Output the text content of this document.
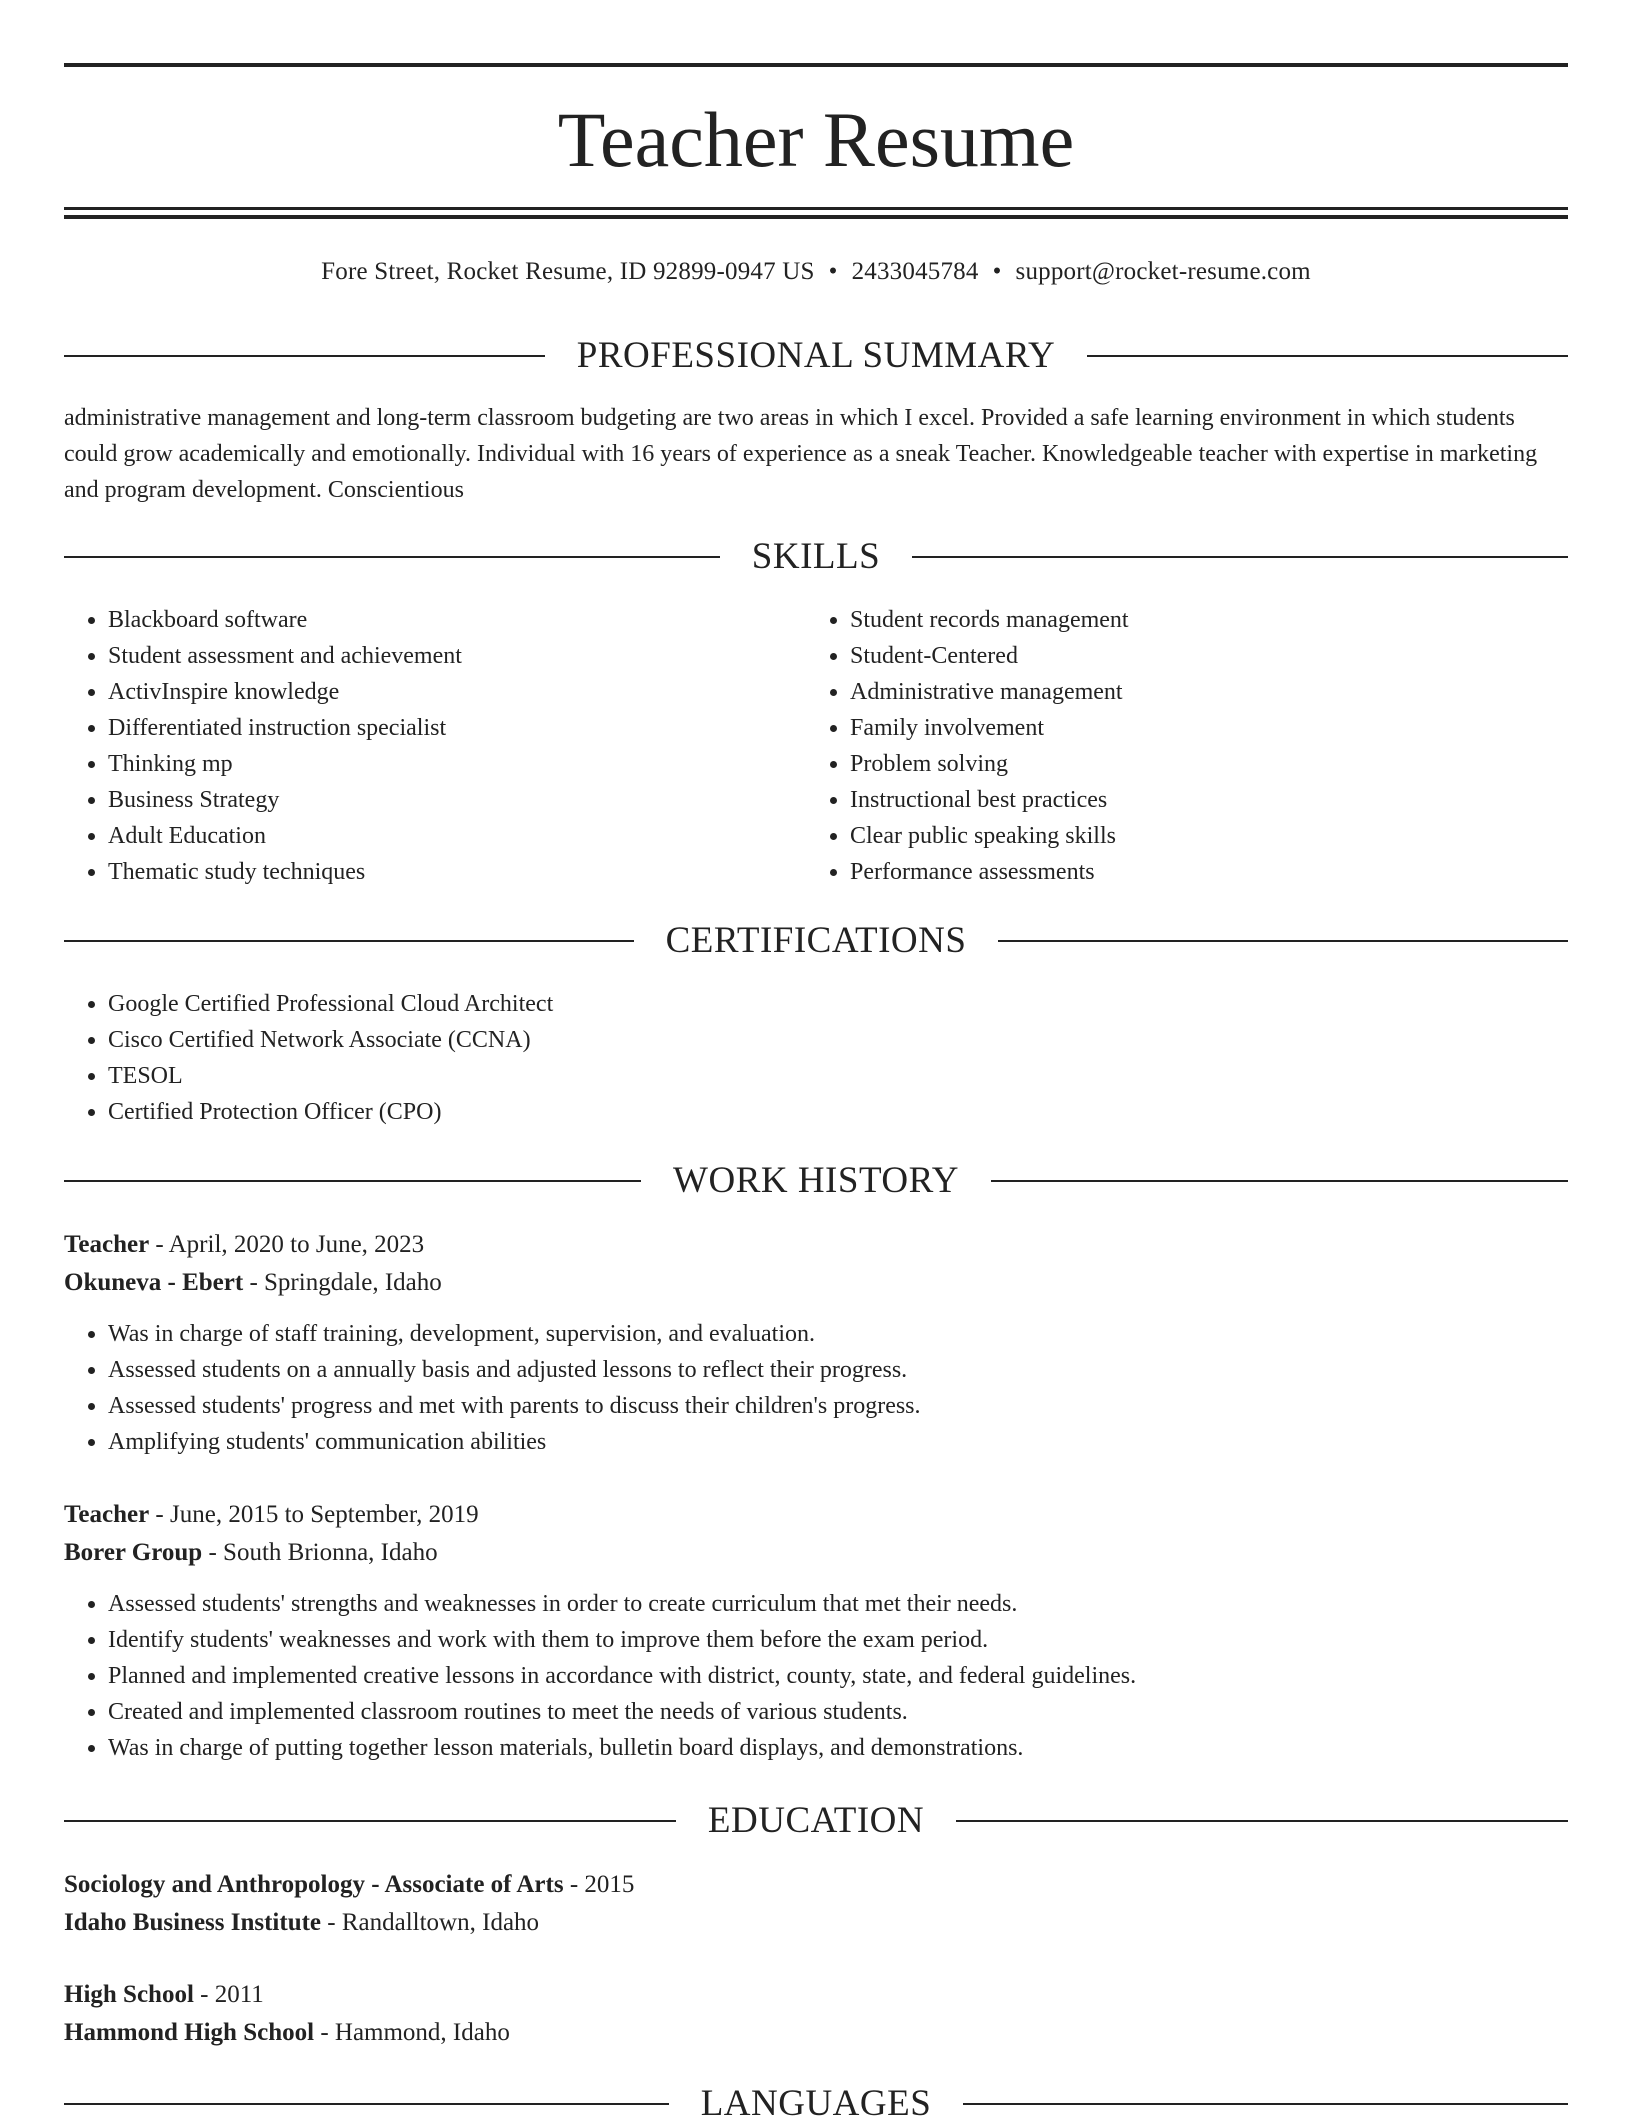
Teacher Resume
Fore Street, Rocket Resume, ID 92899-0947 US • 2433045784 • support@rocket-resume.com
PROFESSIONAL SUMMARY

administrative management and long-term classroom budgeting are two areas in which I excel. Provided a safe learning environment in which students could grow academically and emotionally. Individual with 16 years of experience as a sneak Teacher. Knowledgeable teacher with expertise in marketing and program development. Conscientious

SKILLS
• Blackboard software
• Student assessment and achievement
• ActivInspire knowledge
• Differentiated instruction specialist
• Thinking mp
• Business Strategy
• Adult Education
• Thematic study techniques
• Student records management
• Student-Centered
• Administrative management
• Family involvement
• Problem solving
• Instructional best practices
• Clear public speaking skills
• Performance assessments
CERTIFICATIONS
• Google Certified Professional Cloud Architect
• Cisco Certified Network Associate (CCNA)
• TESOL
• Certified Protection Officer (CPO)
WORK HISTORY
Teacher - April, 2020 to June, 2023
Okuneva - Ebert - Springdale, Idaho
• Was in charge of staff training, development, supervision, and evaluation.
• Assessed students on a annually basis and adjusted lessons to reflect their progress.
• Assessed students' progress and met with parents to discuss their children's progress.
• Amplifying students' communication abilities
Teacher - June, 2015 to September, 2019
Borer Group - South Brionna, Idaho
• Assessed students' strengths and weaknesses in order to create curriculum that met their needs.
• Identify students' weaknesses and work with them to improve them before the exam period.
• Planned and implemented creative lessons in accordance with district, county, state, and federal guidelines.
• Created and implemented classroom routines to meet the needs of various students.
• Was in charge of putting together lesson materials, bulletin board displays, and demonstrations.
EDUCATION
Sociology and Anthropology - Associate of Arts - 2015
Idaho Business Institute - Randalltown, Idaho
High School - 2011
Hammond High School - Hammond, Idaho
LANGUAGES
